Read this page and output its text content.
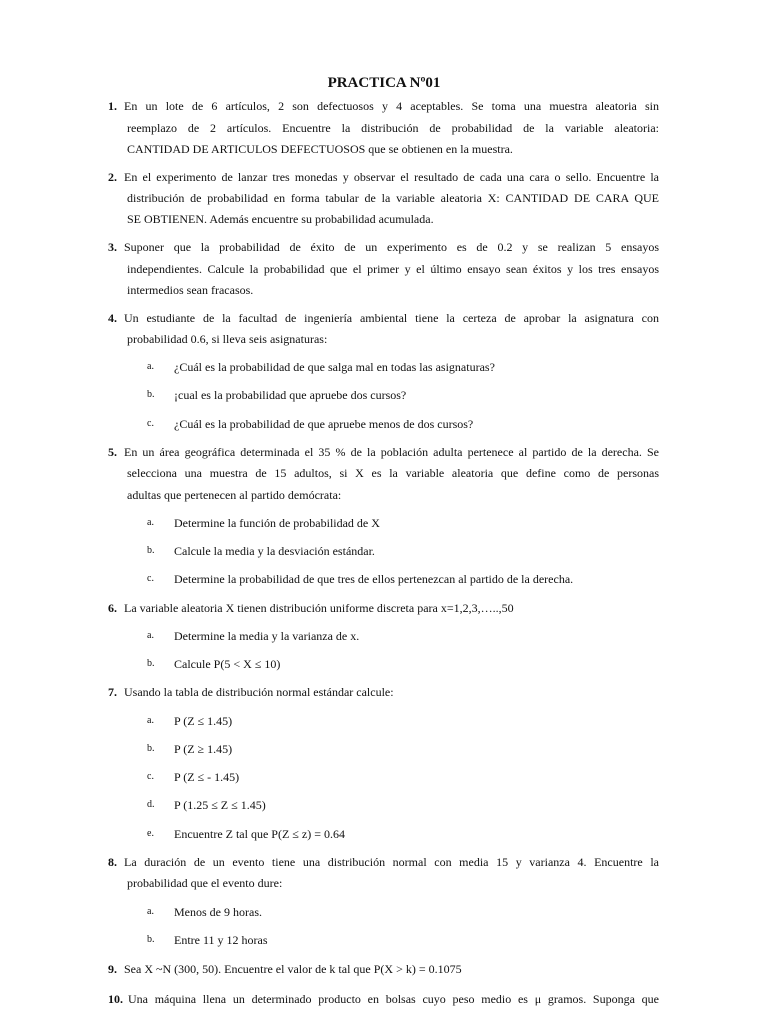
PRACTICA Nº01
1. En un lote de 6 artículos, 2 son defectuosos y 4 aceptables. Se toma una muestra aleatoria sin
reemplazo de 2 artículos. Encuentre la distribución de probabilidad de la variable aleatoria:
CANTIDAD DE ARTICULOS DEFECTUOSOS que se obtienen en la muestra.
2. En el experimento de lanzar tres monedas y observar el resultado de cada una cara o sello. Encuentre la
distribución de probabilidad en forma tabular de la variable aleatoria X: CANTIDAD DE CARA QUE
SE OBTIENEN. Además encuentre su probabilidad acumulada.
3. Suponer que la probabilidad de éxito de un experimento es de 0.2 y se realizan 5 ensayos
independientes. Calcule la probabilidad que el primer y el último ensayo sean éxitos y los tres ensayos
intermedios sean fracasos.
4. Un estudiante de la facultad de ingeniería ambiental tiene la certeza de aprobar la asignatura con
probabilidad 0.6, si lleva seis asignaturas:
a. ¿Cuál es la probabilidad de que salga mal en todas las asignaturas?
b. ¡cual es la probabilidad que apruebe dos cursos?
c. ¿Cuál es la probabilidad de que apruebe menos de dos cursos?
5. En un área geográfica determinada el 35 % de la población adulta pertenece al partido de la derecha. Se
selecciona una muestra de 15 adultos, si X es la variable aleatoria que define como de personas
adultas que pertenecen al partido demócrata:
a. Determine la función de probabilidad de X
b. Calcule la media y la desviación estándar.
c. Determine la probabilidad de que tres de ellos pertenezcan al partido de la derecha.
6. La variable aleatoria X tienen distribución uniforme discreta para x=1,2,3,…..,50
a. Determine la media y la varianza de x.
b. Calcule P(5 < X ≤ 10)
7. Usando la tabla de distribución normal estándar calcule:
a. P (Z ≤ 1.45)
b. P (Z ≥ 1.45)
c. P (Z ≤ - 1.45)
d. P (1.25 ≤ Z ≤ 1.45)
e. Encuentre Z tal que P(Z ≤ z) = 0.64
8. La duración de un evento tiene una distribución normal con media 15 y varianza 4. Encuentre la
probabilidad que el evento dure:
a. Menos de 9 horas.
b. Entre 11 y 12 horas
9. Sea X ~N (300, 50). Encuentre el valor de k tal que P(X > k) = 0.1075
10. Una máquina llena un determinado producto en bolsas cuyo peso medio es μ gramos. Suponga que
